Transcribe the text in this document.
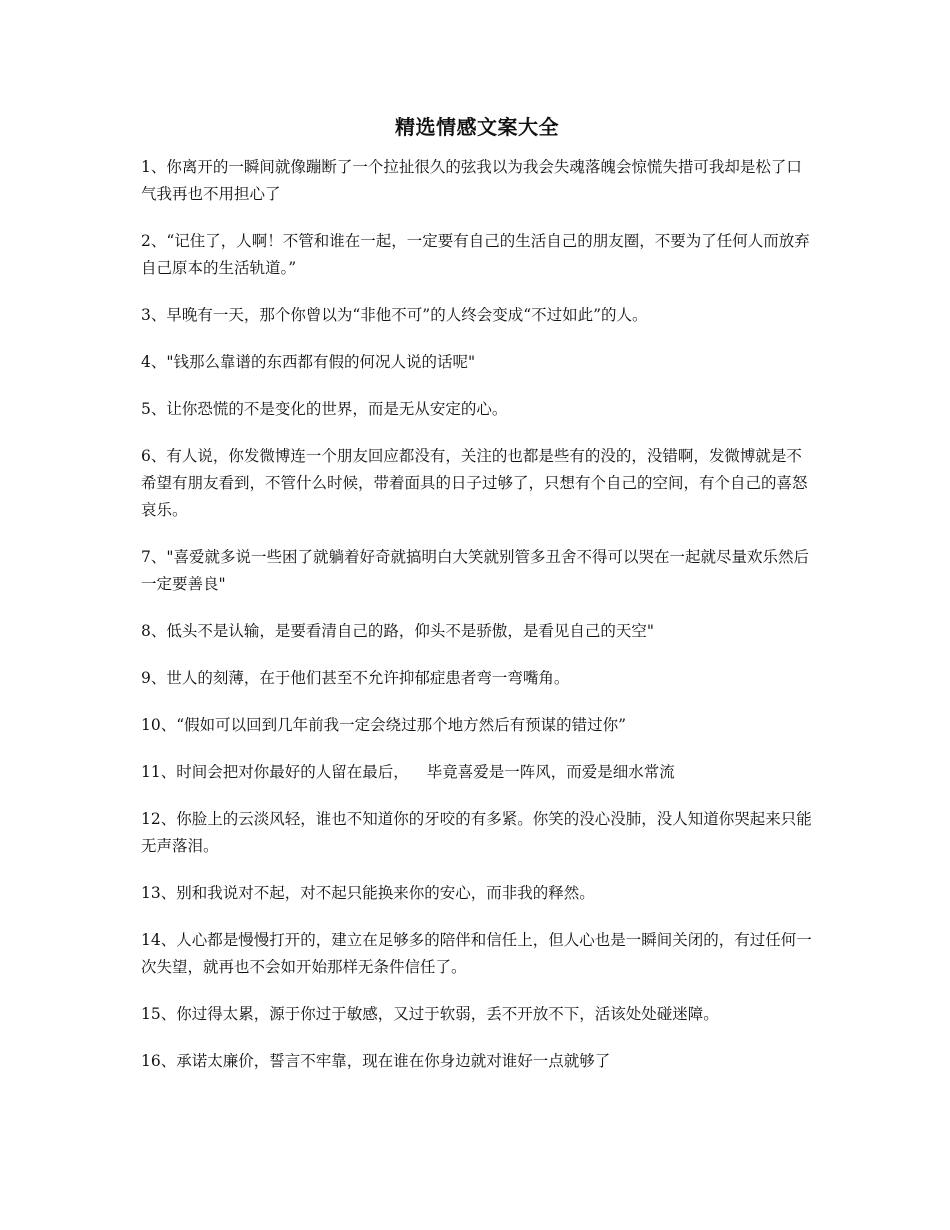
精选情感文案大全

1、你离开的一瞬间就像蹦断了一个拉扯很久的弦我以为我会失魂落魄会惊慌失措可我却是松了口气我再也不用担心了

2、“记住了，人啊！不管和谁在一起，一定要有自己的生活自己的朋友圈，不要为了任何人而放弃自己原本的生活轨道。”

3、早晚有一天，那个你曾以为“非他不可”的人终会变成“不过如此”的人。

4、"钱那么靠谱的东西都有假的何况人说的话呢"

5、让你恐慌的不是变化的世界，而是无从安定的心。

6、有人说，你发微博连一个朋友回应都没有，关注的也都是些有的没的，没错啊，发微博就是不希望有朋友看到，不管什么时候，带着面具的日子过够了，只想有个自己的空间，有个自己的喜怒哀乐。

7、"喜爱就多说一些困了就躺着好奇就搞明白大笑就别管多丑舍不得可以哭在一起就尽量欢乐然后一定要善良"

8、低头不是认输，是要看清自己的路，仰头不是骄傲，是看见自己的天空"

9、世人的刻薄，在于他们甚至不允许抑郁症患者弯一弯嘴角。

10、“假如可以回到几年前我一定会绕过那个地方然后有预谋的错过你”

11、时间会把对你最好的人留在最后， 毕竟喜爱是一阵风，而爱是细水常流

12、你脸上的云淡风轻，谁也不知道你的牙咬的有多紧。你笑的没心没肺，没人知道你哭起来只能无声落泪。

13、别和我说对不起，对不起只能换来你的安心，而非我的释然。

14、人心都是慢慢打开的，建立在足够多的陪伴和信任上，但人心也是一瞬间关闭的，有过任何一次失望，就再也不会如开始那样无条件信任了。

15、你过得太累，源于你过于敏感，又过于软弱，丢不开放不下，活该处处碰迷障。

16、承诺太廉价，誓言不牢靠，现在谁在你身边就对谁好一点就够了
